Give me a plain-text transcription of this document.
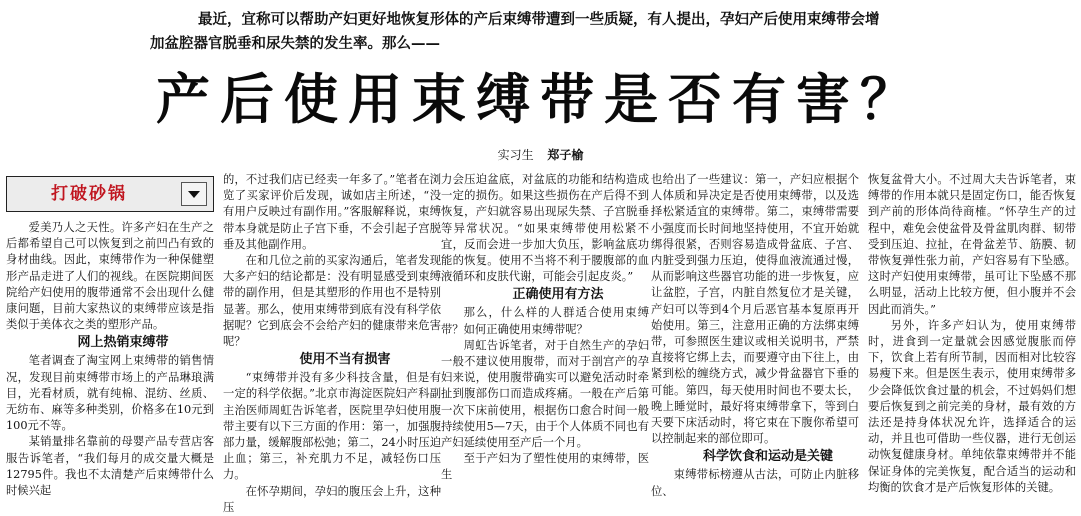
最近，宜称可以帮助产妇更好地恢复形体的产后束缚带遭到一些质疑，有人提出，孕妇产后使用束缚带会增
加盆腔器官脱垂和尿失禁的发生率。那么——
产后使用束缚带是否有害？
实习生 郑子榆
打破砂锅

爱美乃人之天性。许多产妇在生产之后都希望自己可以恢复到之前凹凸有致的身材曲线。因此，束缚带作为一种保健塑形产品走进了人们的视线。在医院期间医院给产妇使用的腹带通常不会出现什么健康问题，目前大家热议的束缚带应该是指类似于美体衣之类的塑形产品。

网上热销束缚带

笔者调查了淘宝网上束缚带的销售情况，发现目前束缚带市场上的产品琳琅满目，光看材质，就有纯棉、混纺、丝质、无纺布、麻等多种类别，价格多在10元到100元不等。

某销量排名靠前的母婴产品专营店客服告诉笔者，“我们每月的成交量大概是12795件。我也不太清楚产后束缚带什么时候兴起

的，不过我们店已经卖一年多了。”笔者在浏览了买家评价后发现，诚如店主所述，“没有用户反映过有副作用。”客服解释说，束缚带本身就是防止子宫下垂，不会引起子宫脱垂及其他副作用。

在和几位之前的买家沟通后，笔者发现大多产妇的结论都是：没有明显感受到束缚带的副作用，但是其塑形的作用也不是特别显著。那么，使用束缚带到底有没有科学依据呢？它到底会不会给产妇的健康带来危害呢？

使用不当有损害

“束缚带并没有多少科技含量，但是有一定的科学依据。”北京市海淀医院妇产科副主治医师周虹告诉笔者，医院里孕妇使用腹带主要有以下三方面的作用：第一，加强腹部力量，缓解腹部松弛；第二，24小时压迫止血；第三，补充肌力不足，减轻伤口压力。

在怀孕期间，孕妇的腹压会上升，这种压

力会压迫盆底，对盆底的功能和结构造成一定的损伤。如果这些损伤在产后得不到恢复，产妇就容易出现尿失禁、子宫脱垂等异常状况。“如果束缚带使用松紧不宜，反而会进一步加大负压，影响盆底功能的恢复。使用不当将不利于腰腹部的血液循环和皮肤代谢，可能会引起皮炎。”

正确使用有方法

那么，什么样的人群适合使用束缚带？如何正确使用束缚带呢？

周虹告诉笔者，对于自然生产的孕妇一般不建议使用腹带，而对于剖宫产的孕妇来说，使用腹带确实可以避免活动时牵扯到腹部伤口而造成疼痛。一般在产后第一次下床前使用，根据伤口愈合时间一般持续使用5—7天，由于个人体质不同也有产妇延续使用至产后一个月。

至于产妇为了塑性使用的束缚带，医生

也给出了一些建议：第一，产妇应根据个人体质和异决定是否使用束缚带，以及选择松紧适宜的束缚带。第二，束缚带需要小强度而长时间地坚持使用，不宜开始就绑得很紧，否则容易造成骨盆底、子宫、内脏受到强力压迫，使得血液流通过慢，从而影响这些器官功能的进一步恢复，应让盆腔，子宫，内脏自然复位才是关键，产妇可以等到4个月后恶官基本复原再开始使用。第三，注意用正确的方法绑束缚带，可参照医生建议或相关说明书，严禁直接将它绑上去，而要遵守由下往上，由紧到松的缠绕方式，减少骨盆器官下垂的可能。第四，每天使用时间也不要太长，晚上睡觉时，最好将束缚带拿下，等到白天要下床活动时，将它束在下腹你希望可以控制起来的部位即可。

科学饮食和运动是关键

束缚带标榜遵从古法，可防止内脏移位、

恢复盆骨大小。不过周大夫告诉笔者，束缚带的作用本就只是固定伤口，能否恢复到产前的形体尚待商榷。“怀孕生产的过程中，难免会使盆骨及骨盆肌肉群、韧带受到压迫、拉扯，在骨盆差节、筋膜、韧带恢复弹性张力前，产妇容易有下坠感。这时产妇使用束缚带，虽可让下坠感不那么明显，活动上比较方便，但小腹并不会因此而消失。”

另外，许多产妇认为，使用束缚带时，进食到一定量就会因感觉腹胀而停下，饮食上若有所节制，因而相对比较容易瘦下来。但是医生表示，使用束缚带多少会降低饮食过量的机会，不过妈妈们想要后恢复到之前完美的身材，最有效的方法还是持身体状况允许，选择适合的运动，并且也可借助一些仪器，进行无创运动恢复健康身材。单纯依靠束缚带并不能保证身体的完美恢复，配合适当的运动和均衡的饮食才是产后恢复形体的关键。
